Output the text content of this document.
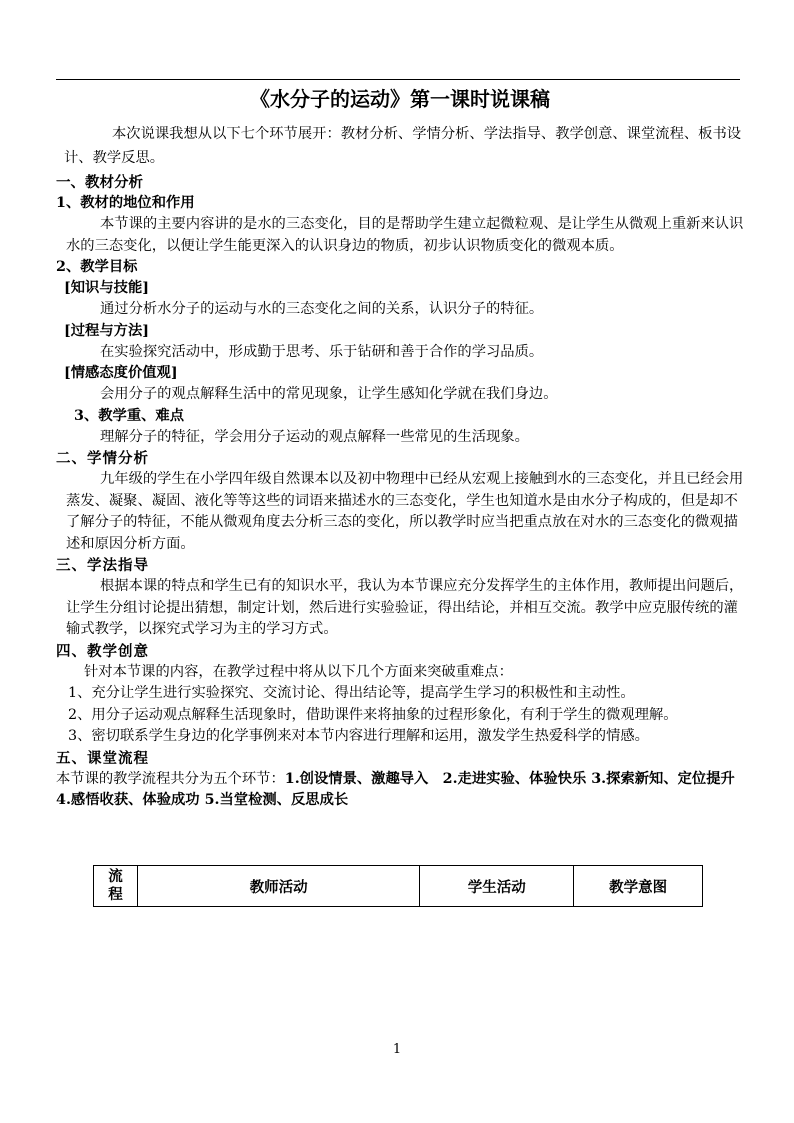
《水分子的运动》第一课时说课稿
本次说课我想从以下七个环节展开：教材分析、学情分析、学法指导、教学创意、课堂流程、板书设计、教学反思。
一、教材分析
1、教材的地位和作用
本节课的主要内容讲的是水的三态变化，目的是帮助学生建立起微粒观、是让学生从微观上重新来认识水的三态变化，以便让学生能更深入的认识身边的物质，初步认识物质变化的微观本质。
2、教学目标
[知识与技能]
通过分析水分子的运动与水的三态变化之间的关系，认识分子的特征。
[过程与方法]
在实验探究活动中，形成勤于思考、乐于钻研和善于合作的学习品质。
[情感态度价值观]
会用分子的观点解释生活中的常见现象，让学生感知化学就在我们身边。
3、教学重、难点
理解分子的特征，学会用分子运动的观点解释一些常见的生活现象。
二、学情分析
九年级的学生在小学四年级自然课本以及初中物理中已经从宏观上接触到水的三态变化，并且已经会用蒸发、凝聚、凝固、液化等等这些的词语来描述水的三态变化，学生也知道水是由水分子构成的，但是却不了解分子的特征，不能从微观角度去分析三态的变化，所以教学时应当把重点放在对水的三态变化的微观描述和原因分析方面。
三、学法指导
根据本课的特点和学生已有的知识水平，我认为本节课应充分发挥学生的主体作用，教师提出问题后，让学生分组讨论提出猜想，制定计划，然后进行实验验证，得出结论，并相互交流。教学中应克服传统的灌输式教学，以探究式学习为主的学习方式。
四、教学创意
针对本节课的内容，在教学过程中将从以下几个方面来突破重难点：
1、充分让学生进行实验探究、交流讨论、得出结论等，提高学生学习的积极性和主动性。
2、用分子运动观点解释生活现象时，借助课件来将抽象的过程形象化，有利于学生的微观理解。
3、密切联系学生身边的化学事例来对本节内容进行理解和运用，激发学生热爱科学的情感。
五、课堂流程
本节课的教学流程共分为五个环节：1.创设情景、激趣导入　2.走进实验、体验快乐 3.探索新知、定位提升 4.感悟收获、体验成功 5.当堂检测、反思成长
流程	教师活动	学生活动	教学意图
1
